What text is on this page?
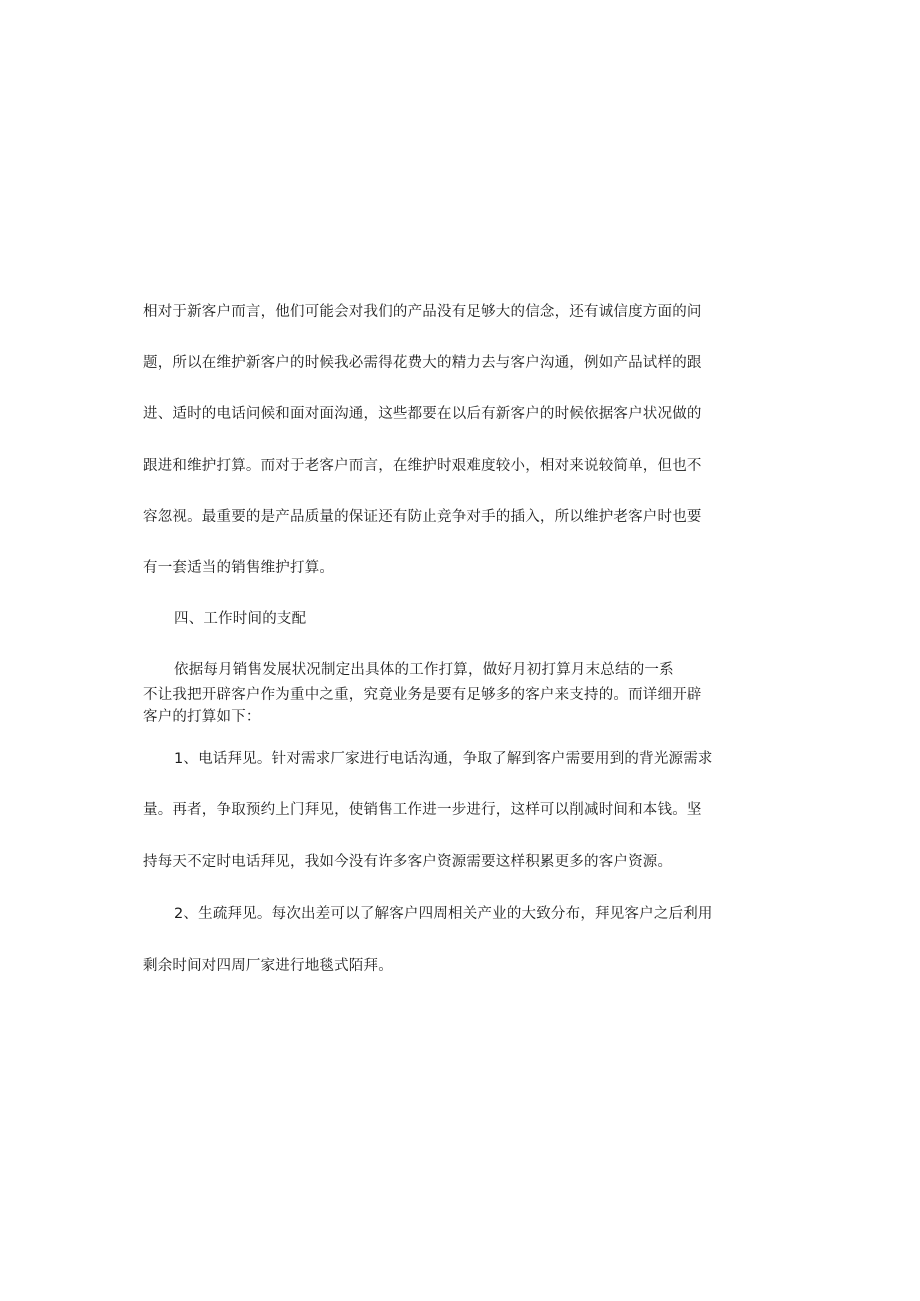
相对于新客户而言，他们可能会对我们的产品没有足够大的信念，还有诚信度方面的问
题，所以在维护新客户的时候我必需得花费大的精力去与客户沟通，例如产品试样的跟
进、适时的电话问候和面对面沟通，这些都要在以后有新客户的时候依据客户状况做的
跟进和维护打算。而对于老客户而言，在维护时艰难度较小，相对来说较简单，但也不
容忽视。最重要的是产品质量的保证还有防止竞争对手的插入，所以维护老客户时也要
有一套适当的销售维护打算。
四、工作时间的支配
依据每月销售发展状况制定出具体的工作打算，做好月初打算月末总结的一系
不让我把开辟客户作为重中之重，究竟业务是要有足够多的客户来支持的。而详细开辟
客户的打算如下：
1、电话拜见。针对需求厂家进行电话沟通，争取了解到客户需要用到的背光源需求
量。再者，争取预约上门拜见，使销售工作进一步进行，这样可以削减时间和本钱。坚
持每天不定时电话拜见，我如今没有许多客户资源需要这样积累更多的客户资源。
2、生疏拜见。每次出差可以了解客户四周相关产业的大致分布，拜见客户之后利用
剩余时间对四周厂家进行地毯式陌拜。
